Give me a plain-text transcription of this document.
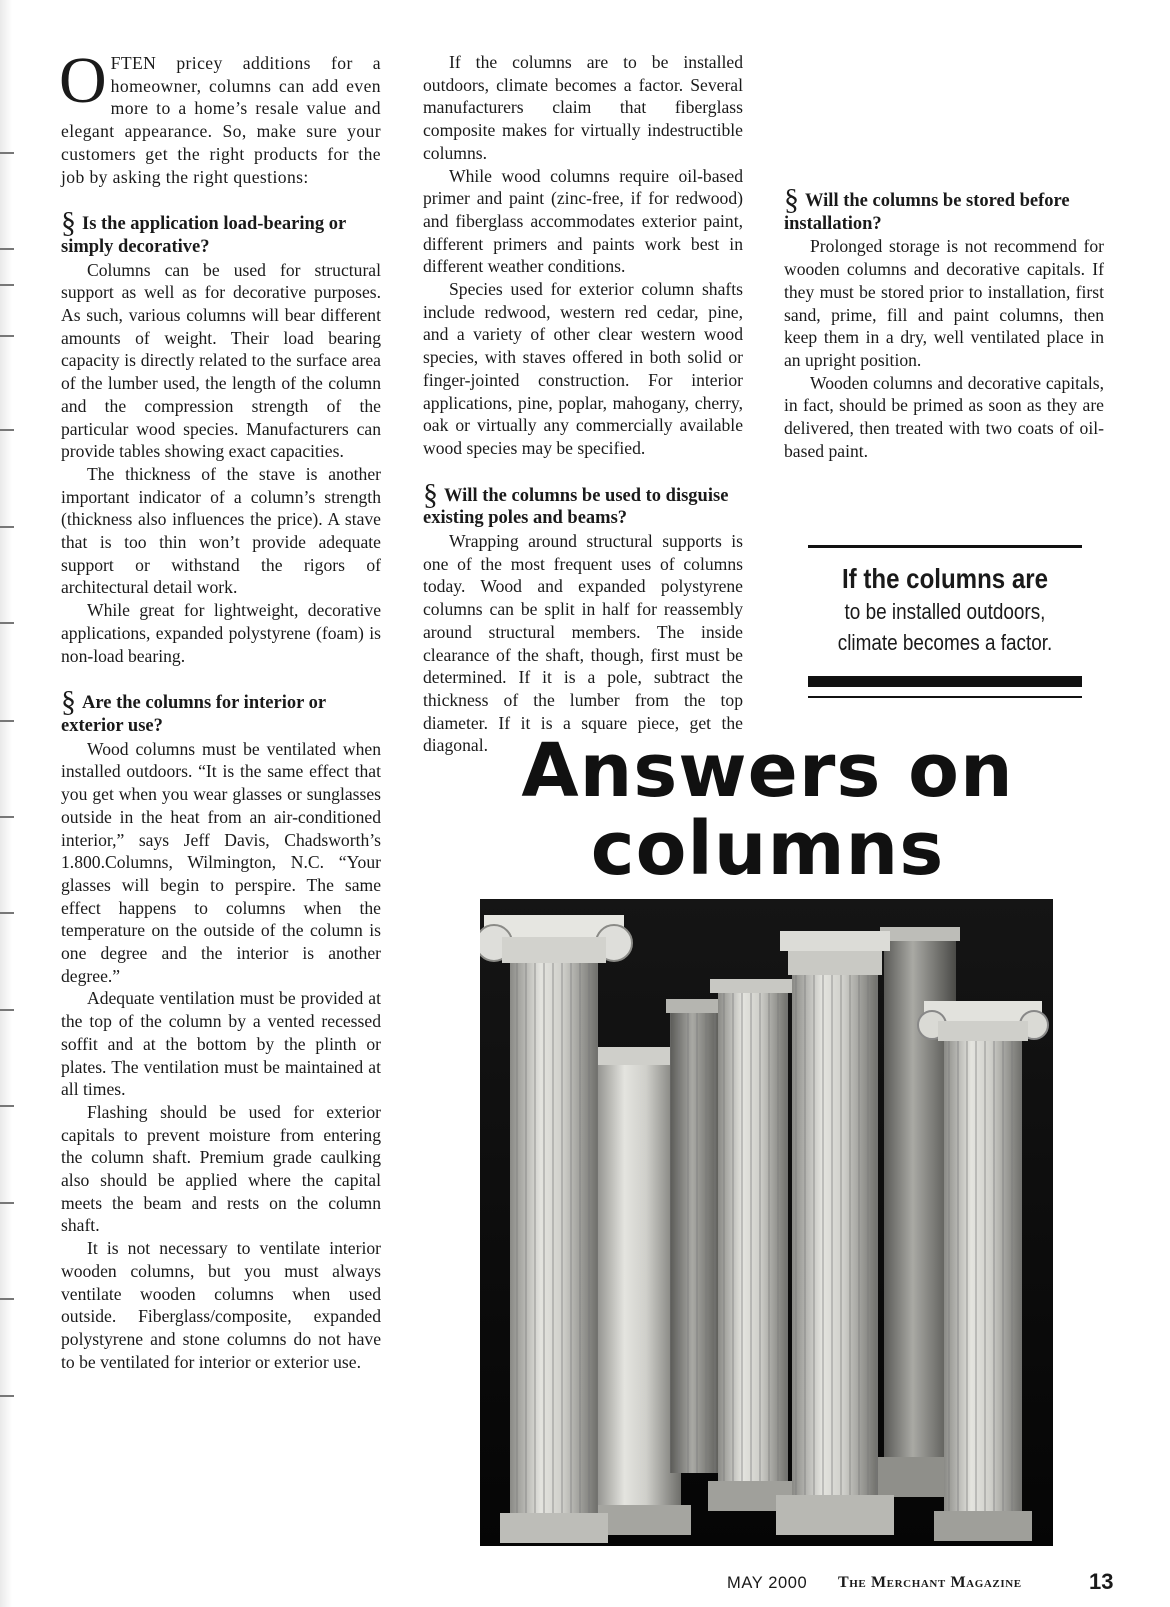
OFTEN pricey additions for a homeowner, columns can add even more to a home’s resale value and elegant appearance. So, make sure your customers get the right products for the job by asking the right questions:

§ Is the application load-bearing or simply decorative?

Columns can be used for structural support as well as for decorative purposes. As such, various columns will bear different amounts of weight. Their load bearing capacity is directly related to the surface area of the lumber used, the length of the column and the compression strength of the particular wood species. Manufacturers can provide tables showing exact capacities.

The thickness of the stave is another important indicator of a column’s strength (thickness also influences the price). A stave that is too thin won’t provide adequate support or withstand the rigors of architectural detail work.

While great for lightweight, decorative applications, expanded polystyrene (foam) is non-load bearing.

§ Are the columns for interior or exterior use?

Wood columns must be ventilated when installed outdoors. “It is the same effect that you get when you wear glasses or sunglasses outside in the heat from an air-conditioned interior,” says Jeff Davis, Chadsworth’s 1.800.Columns, Wilmington, N.C. “Your glasses will begin to perspire. The same effect happens to columns when the temperature on the outside of the column is one degree and the interior is another degree.”

Adequate ventilation must be provided at the top of the column by a vented recessed soffit and at the bottom by the plinth or plates. The ventilation must be maintained at all times.

Flashing should be used for exterior capitals to prevent moisture from entering the column shaft. Premium grade caulking also should be applied where the capital meets the beam and rests on the column shaft.

It is not necessary to ventilate interior wooden columns, but you must always ventilate wooden columns when used outside. Fiberglass/composite, expanded polystyrene and stone columns do not have to be ventilated for interior or exterior use.

If the columns are to be installed outdoors, climate becomes a factor. Several manufacturers claim that fiberglass composite makes for virtually indestructible columns.

While wood columns require oil-based primer and paint (zinc-free, if for redwood) and fiberglass accommodates exterior paint, different primers and paints work best in different weather conditions.

Species used for exterior column shafts include redwood, western red cedar, pine, and a variety of other clear western wood species, with staves offered in both solid or finger-jointed construction. For interior applications, pine, poplar, mahogany, cherry, oak or virtually any commercially available wood species may be specified.

§ Will the columns be used to disguise existing poles and beams?

Wrapping around structural supports is one of the most frequent uses of columns today. Wood and expanded polystyrene columns can be split in half for reassembly around structural members. The inside clearance of the shaft, though, first must be determined. If it is a pole, subtract the thickness of the lumber from the top diameter. If it is a square piece, get the diagonal.

§ Will the columns be stored before installation?

Prolonged storage is not recommend for wooden columns and decorative capitals. If they must be stored prior to installation, first sand, prime, fill and paint columns, then keep them in a dry, well ventilated place in an upright position.

Wooden columns and decorative capitals, in fact, should be primed as soon as they are delivered, then treated with two coats of oil-based paint.

If the columns are
to be installed outdoors,
climate becomes a factor.
Answers on
columns
MAY 2000 The Merchant Magazine	13
